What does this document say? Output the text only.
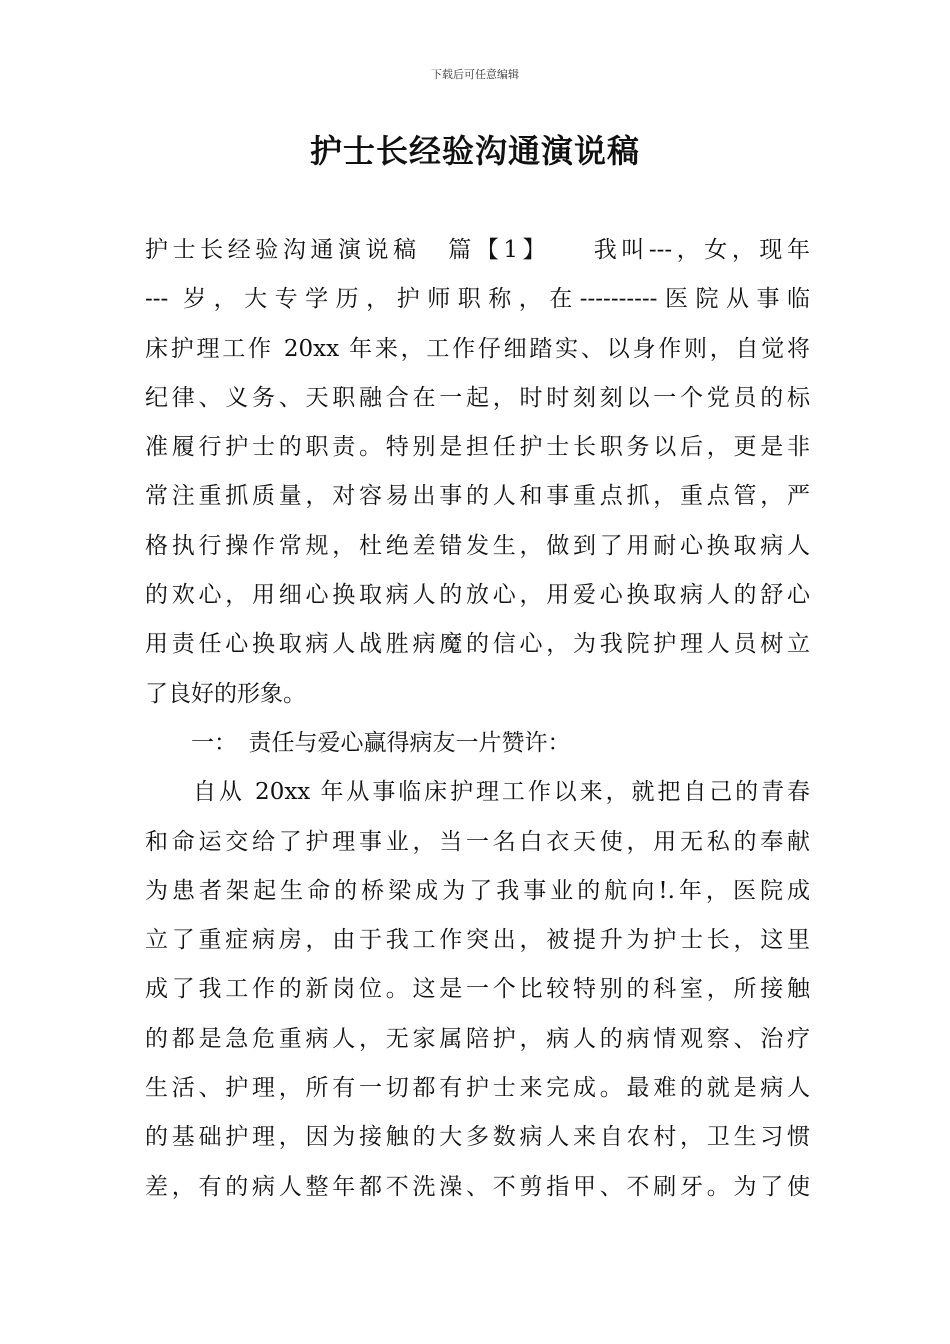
下载后可任意编辑
护士长经验沟通演说稿
护士长经验沟通演说稿　篇【1】　　我叫---，女，现年
--- 岁，大专学历，护师职称，在----------医院从事临
床护理工作 20xx 年来，工作仔细踏实、以身作则，自觉将
纪律、义务、天职融合在一起，时时刻刻以一个党员的标
准履行护士的职责。特别是担任护士长职务以后，更是非
常注重抓质量，对容易出事的人和事重点抓，重点管，严
格执行操作常规，杜绝差错发生，做到了用耐心换取病人
的欢心，用细心换取病人的放心，用爱心换取病人的舒心
用责任心换取病人战胜病魔的信心，为我院护理人员树立
了良好的形象。
一：　责任与爱心赢得病友一片赞许：
自从 20xx 年从事临床护理工作以来，就把自己的青春
和命运交给了护理事业，当一名白衣天使，用无私的奉献
为患者架起生命的桥梁成为了我事业的航向!.年，医院成
立了重症病房，由于我工作突出，被提升为护士长，这里
成了我工作的新岗位。这是一个比较特别的科室，所接触
的都是急危重病人，无家属陪护，病人的病情观察、治疗
生活、护理，所有一切都有护士来完成。最难的就是病人
的基础护理，因为接触的大多数病人来自农村，卫生习惯
差，有的病人整年都不洗澡、不剪指甲、不刷牙。为了使
